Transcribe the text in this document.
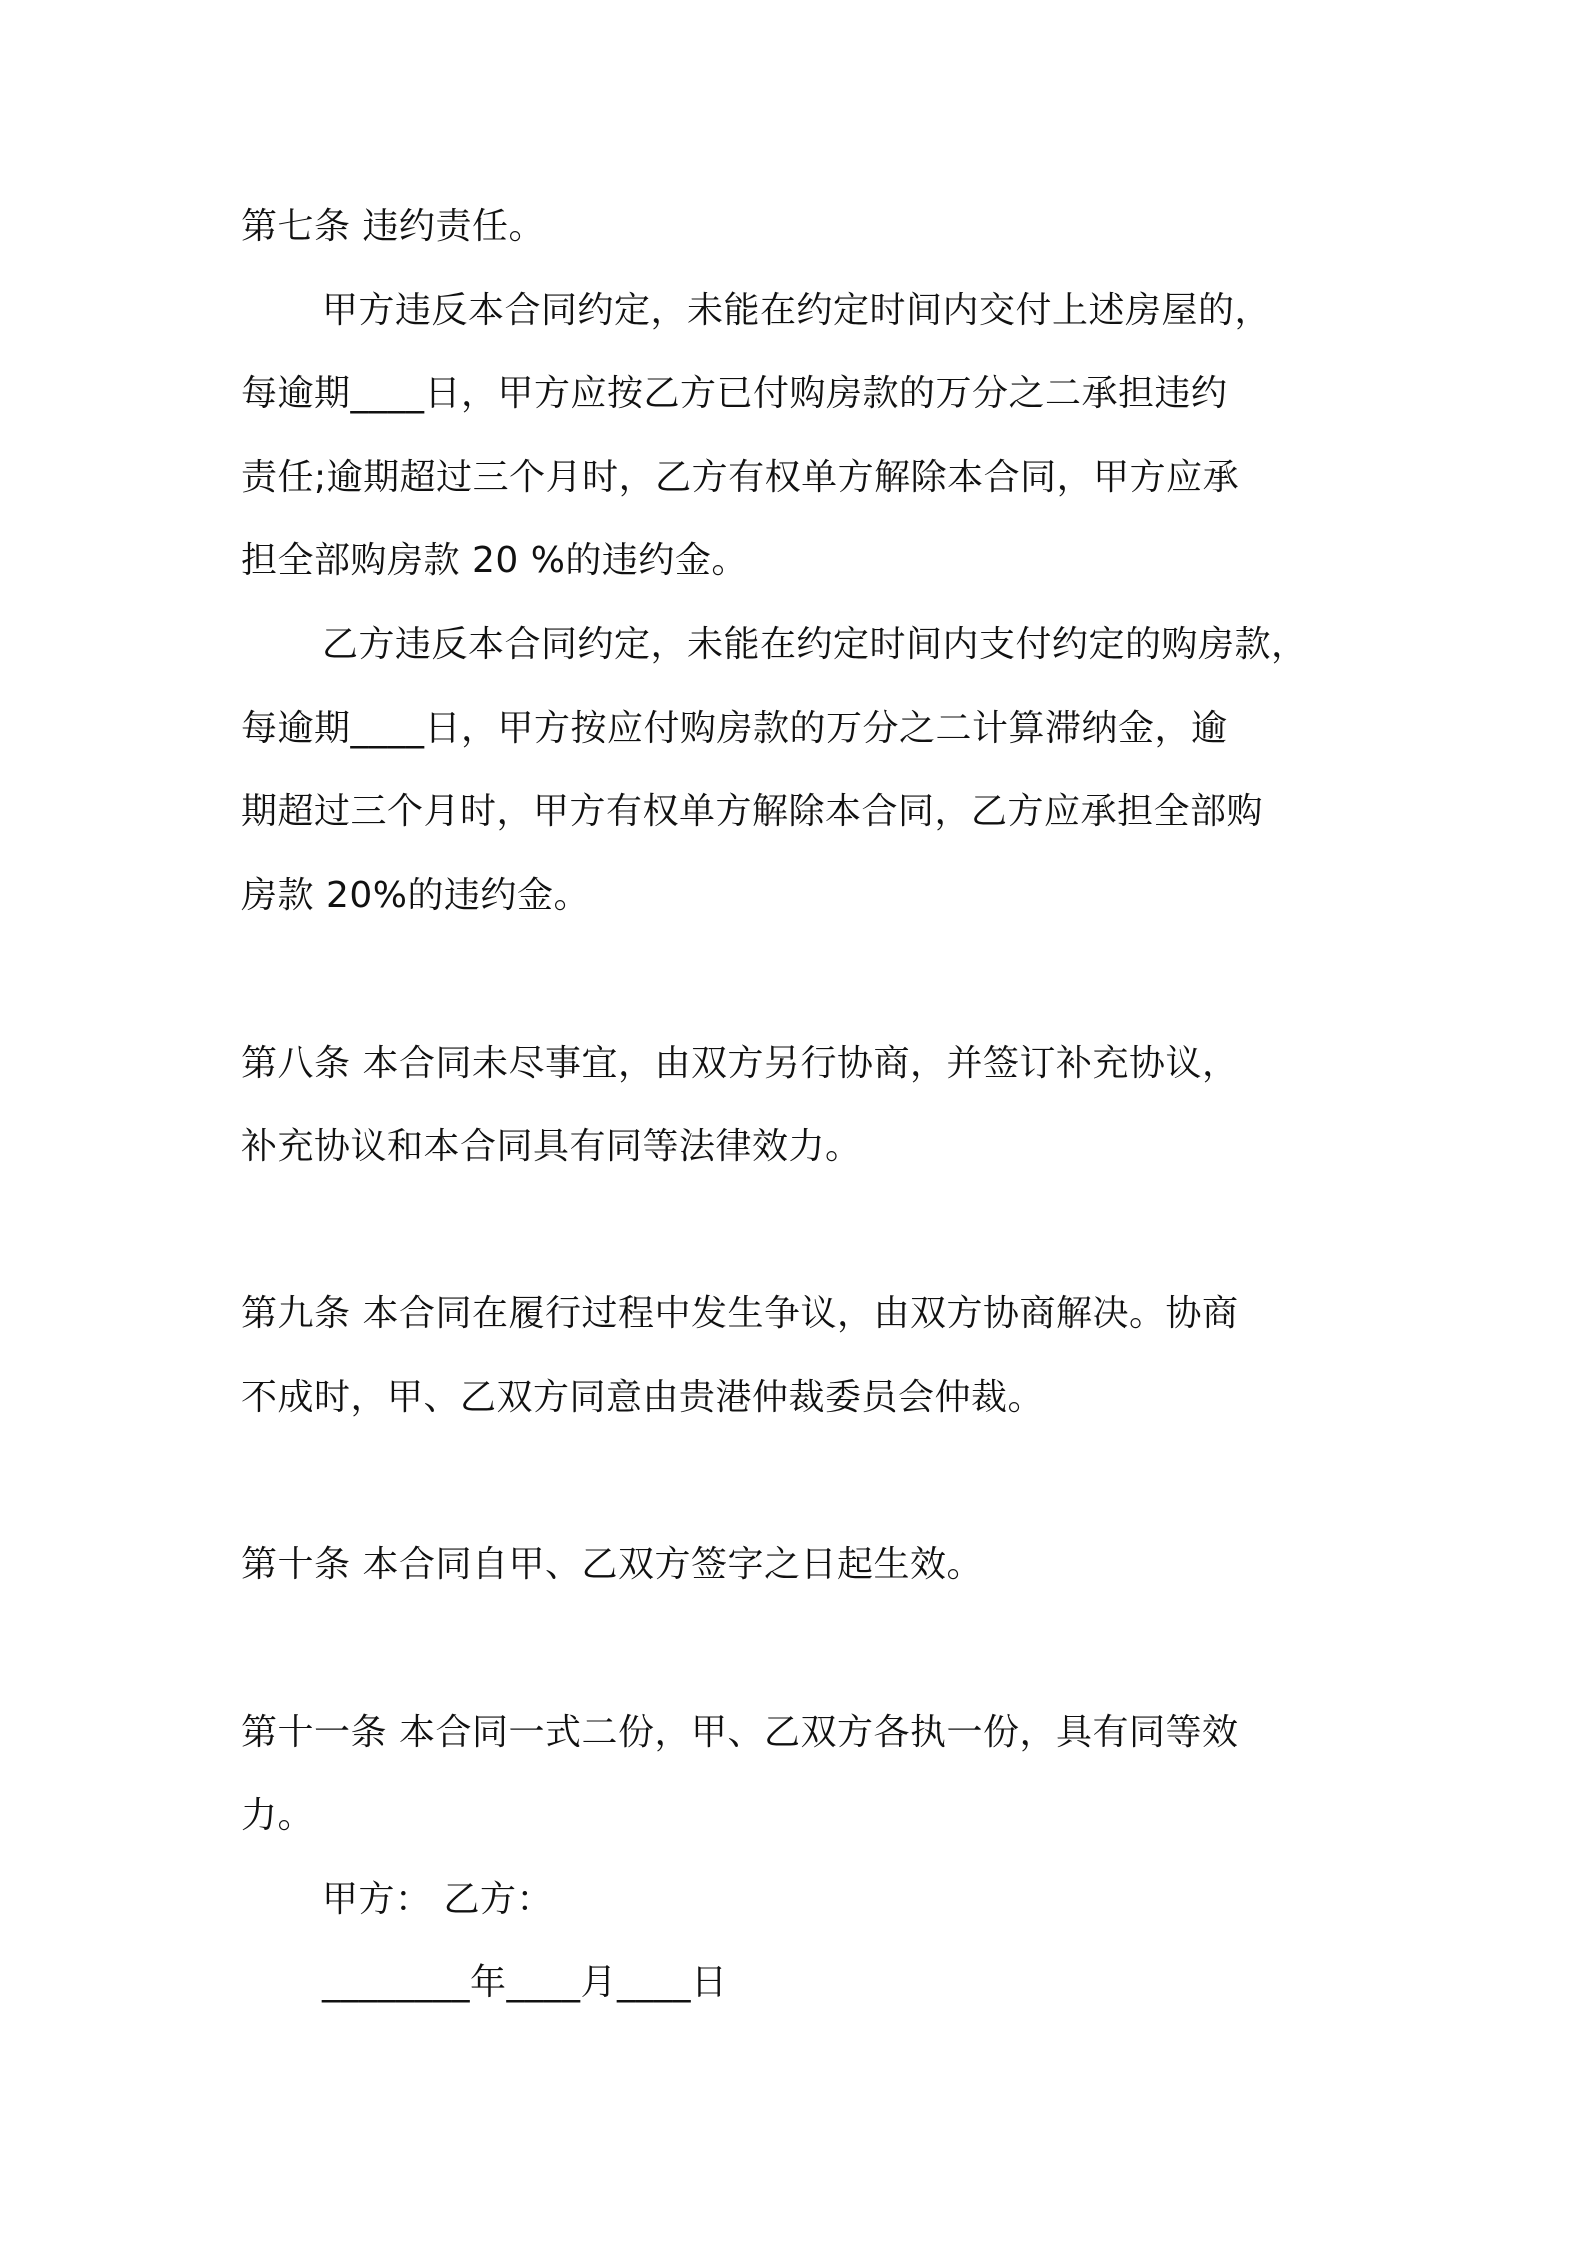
第七条 违约责任。
甲方违反本合同约定，未能在约定时间内交付上述房屋的，
每逾期____日，甲方应按乙方已付购房款的万分之二承担违约
责任;逾期超过三个月时，乙方有权单方解除本合同，甲方应承
担全部购房款 20 %的违约金。
乙方违反本合同约定，未能在约定时间内支付约定的购房款，
每逾期____日，甲方按应付购房款的万分之二计算滞纳金，逾
期超过三个月时，甲方有权单方解除本合同，乙方应承担全部购
房款 20%的违约金。
第八条 本合同未尽事宜，由双方另行协商，并签订补充协议，
补充协议和本合同具有同等法律效力。
第九条 本合同在履行过程中发生争议，由双方协商解决。协商
不成时，甲、乙双方同意由贵港仲裁委员会仲裁。
第十条 本合同自甲、乙双方签字之日起生效。
第十一条 本合同一式二份，甲、乙双方各执一份，具有同等效
力。
甲方： 乙方：
________年____月____日
